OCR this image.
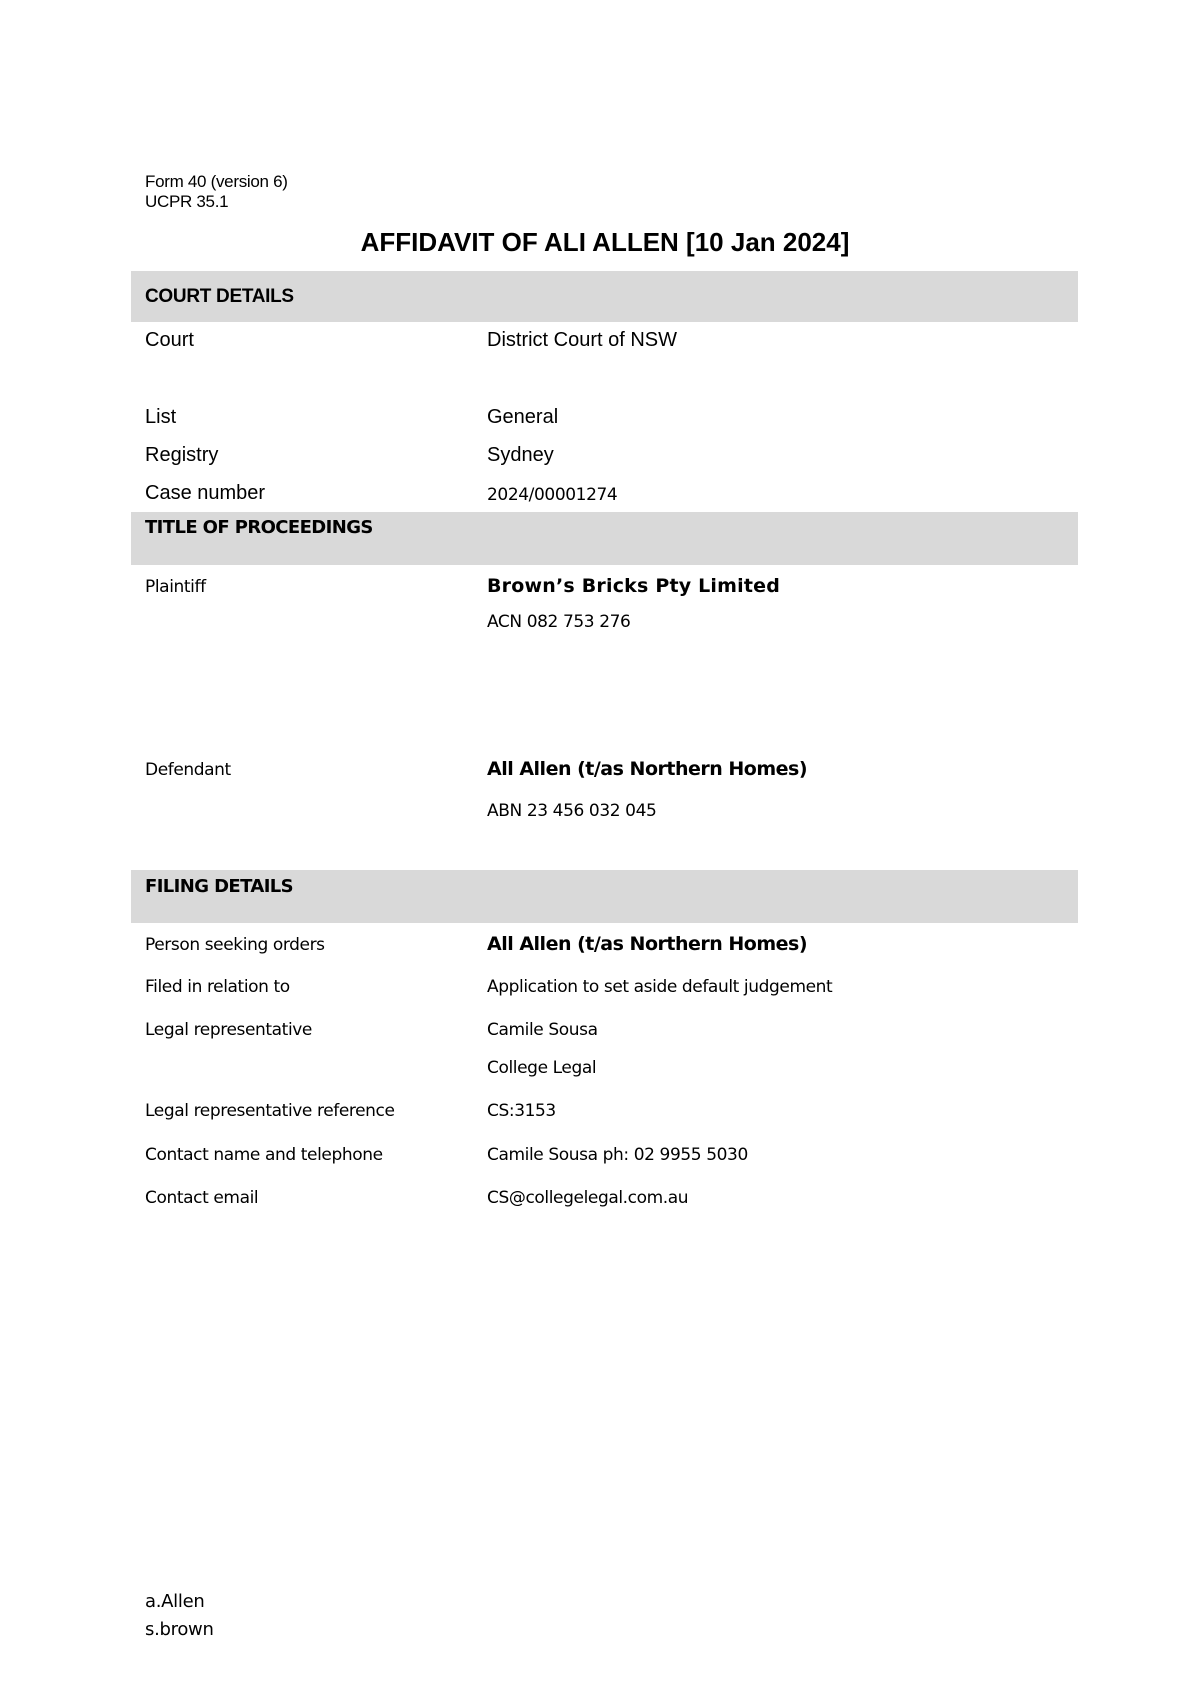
Form 40 (version 6)
UCPR 35.1
AFFIDAVIT OF ALI ALLEN [10 Jan 2024]
COURT DETAILS
Court	District Court of NSW
List	General
Registry	Sydney
Case number	2024/00001274
TITLE OF PROCEEDINGS
Plaintiff	Brown’s Bricks Pty Limited
ACN 082 753 276
Defendant	All Allen (t/as Northern Homes)
ABN 23 456 032 045
FILING DETAILS
Person seeking orders	All Allen (t/as Northern Homes)
Filed in relation to	Application to set aside default judgement
Legal representative	Camile Sousa
College Legal
Legal representative reference	CS:3153
Contact name and telephone	Camile Sousa ph: 02 9955 5030
Contact email	CS@collegelegal.com.au
a.Allen
s.brown
